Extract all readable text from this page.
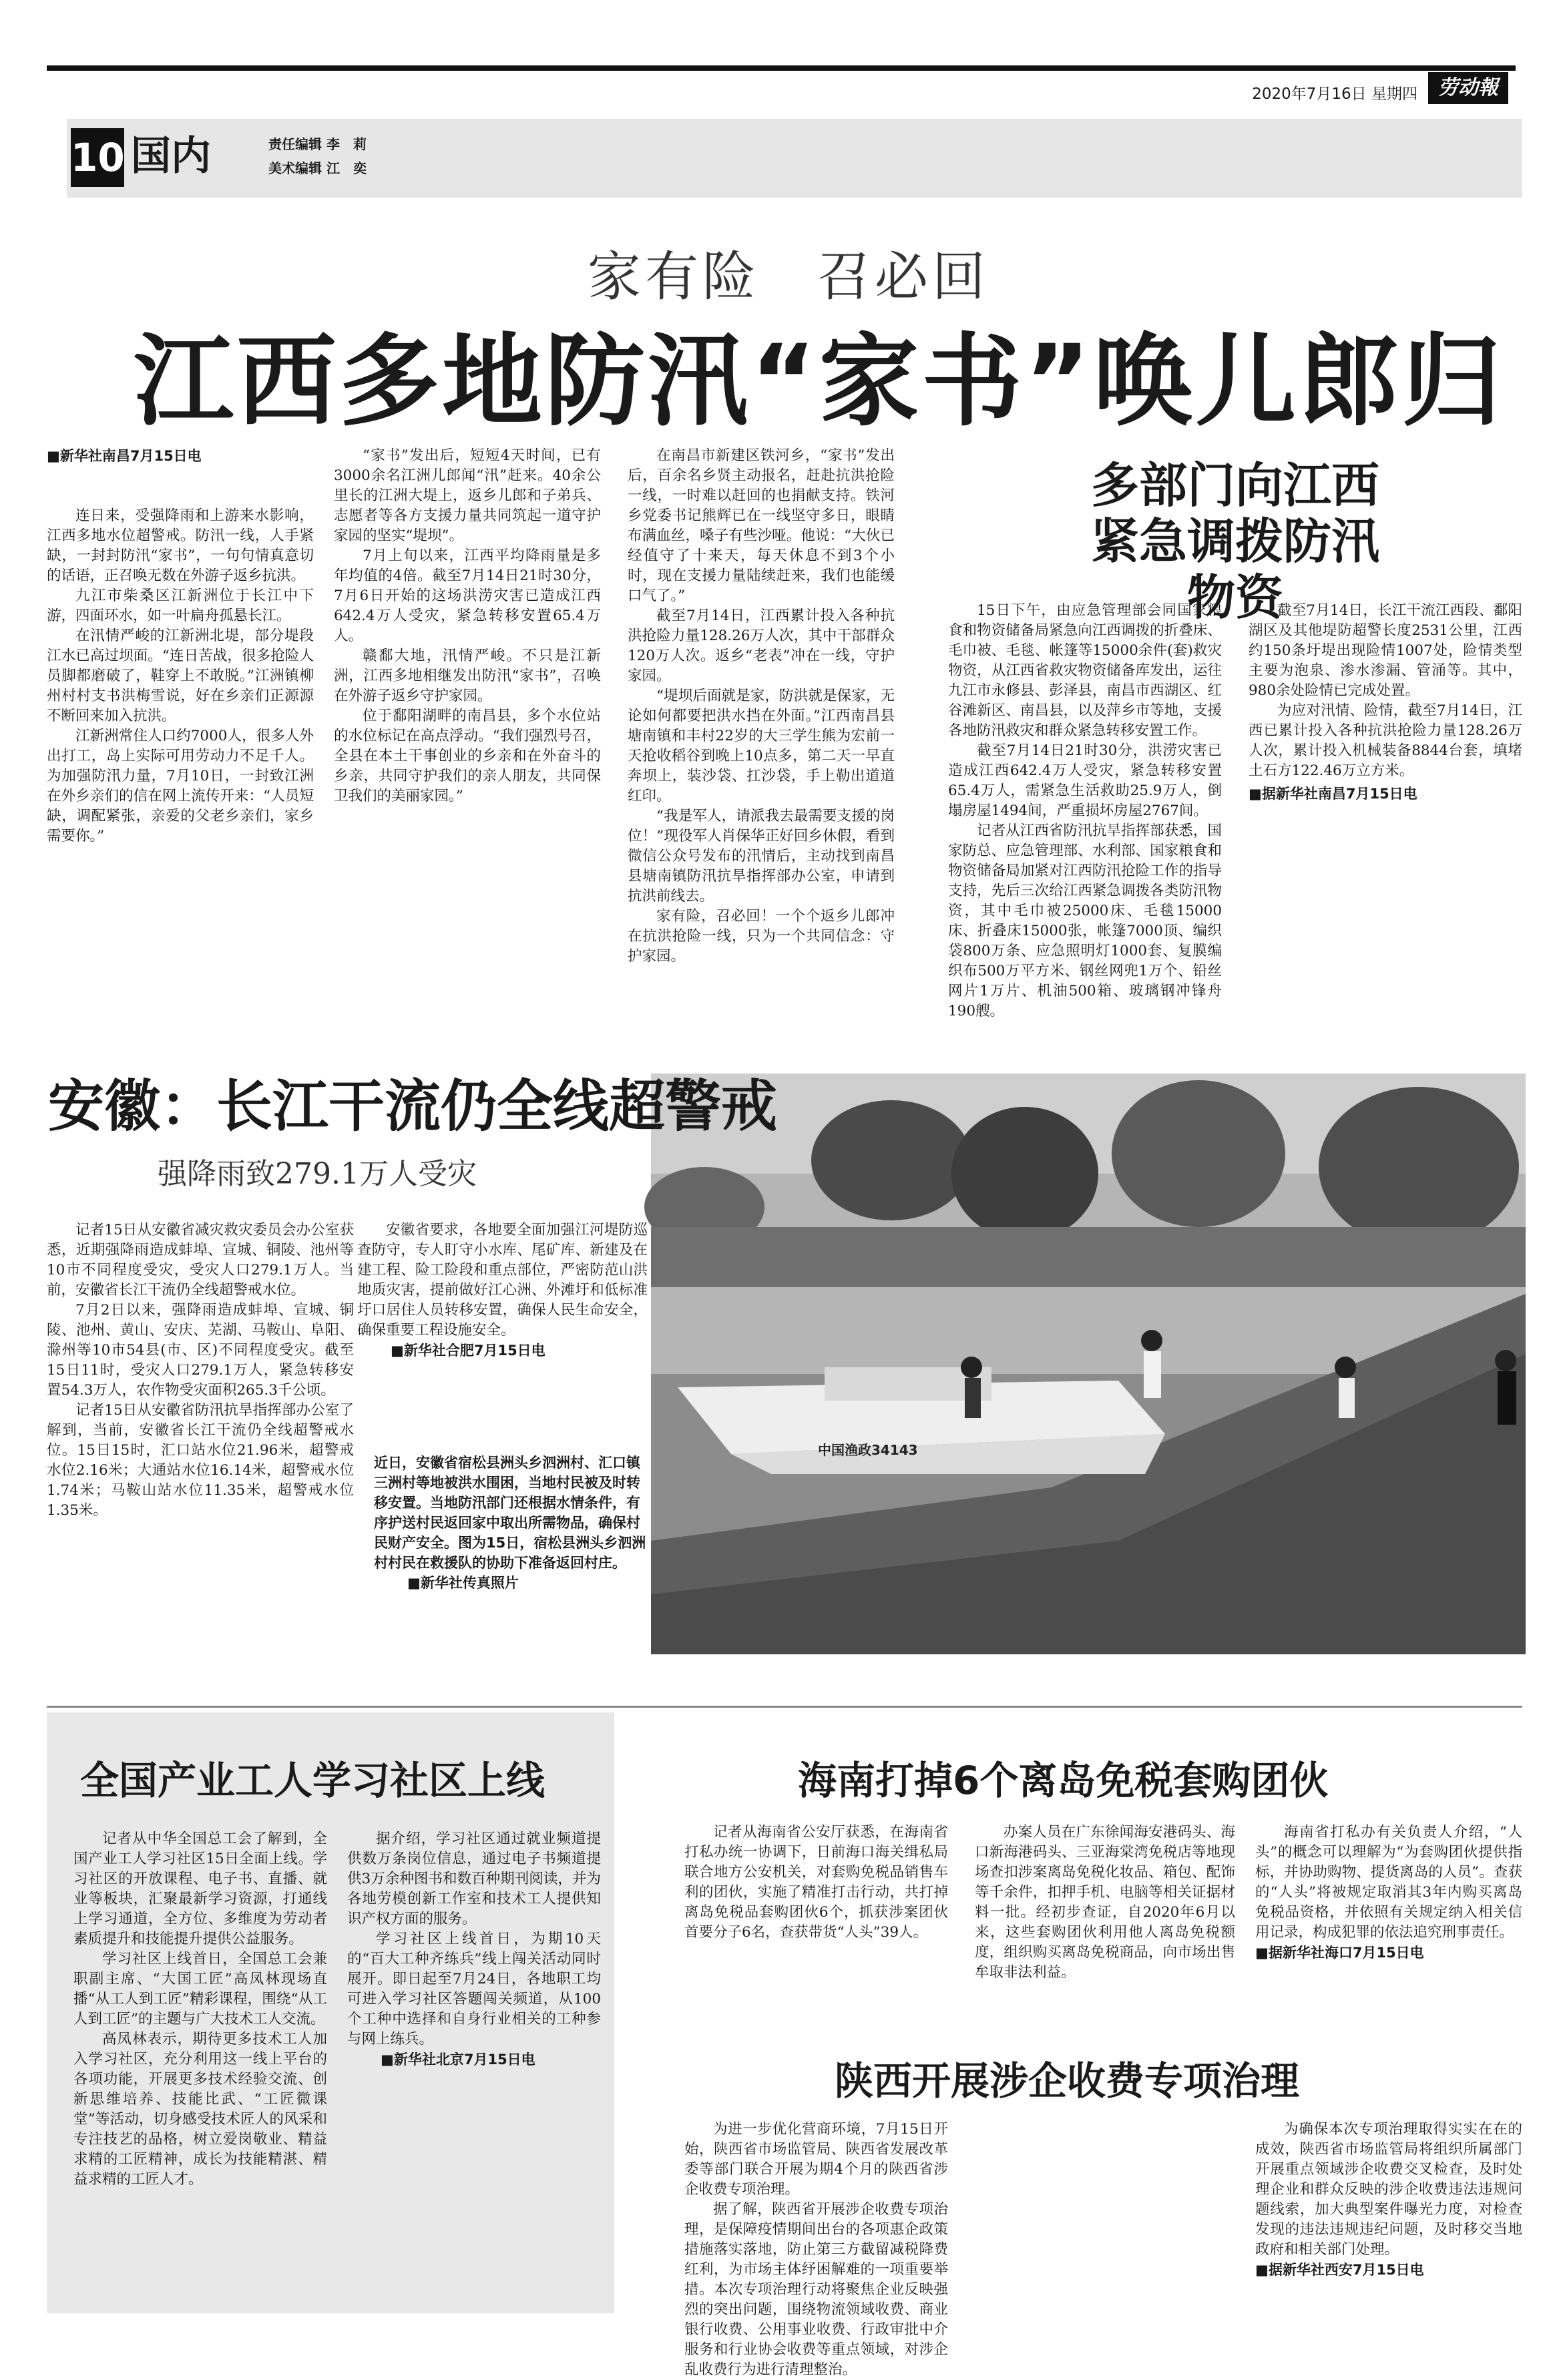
2020年7月16日 星期四	劳动報
10 国内	责任编辑 李　莉
美术编辑 江　奕
家有险　召必回
江西多地防汛“家书”唤儿郎归
■新华社南昌7月15日电

连日来，受强降雨和上游来水影响，江西多地水位超警戒。防汛一线，人手紧缺，一封封防汛“家书”，一句句情真意切的话语，正召唤无数在外游子返乡抗洪。

九江市柴桑区江新洲位于长江中下游，四面环水，如一叶扁舟孤悬长江。

在汛情严峻的江新洲北堤，部分堤段江水已高过坝面。“连日苦战，很多抢险人员脚都磨破了，鞋穿上不敢脱。”江洲镇柳州村村支书洪梅雪说，好在乡亲们正源源不断回来加入抗洪。

江新洲常住人口约7000人，很多人外出打工，岛上实际可用劳动力不足千人。为加强防汛力量，7月10日，一封致江洲在外乡亲们的信在网上流传开来：“人员短缺，调配紧张，亲爱的父老乡亲们，家乡需要你。”

“家书”发出后，短短4天时间，已有3000余名江洲儿郎闻“汛”赶来。40余公里长的江洲大堤上，返乡儿郎和子弟兵、志愿者等各方支援力量共同筑起一道守护家园的坚实“堤坝”。

7月上旬以来，江西平均降雨量是多年均值的4倍。截至7月14日21时30分，7月6日开始的这场洪涝灾害已造成江西642.4万人受灾，紧急转移安置65.4万人。

赣鄱大地，汛情严峻。不只是江新洲，江西多地相继发出防汛“家书”，召唤在外游子返乡守护家园。

位于鄱阳湖畔的南昌县，多个水位站的水位标记在高点浮动。“我们强烈号召，全县在本土干事创业的乡亲和在外奋斗的乡亲，共同守护我们的亲人朋友，共同保卫我们的美丽家园。”

在南昌市新建区铁河乡，“家书”发出后，百余名乡贤主动报名，赶赴抗洪抢险一线，一时难以赶回的也捐献支持。铁河乡党委书记熊辉已在一线坚守多日，眼睛布满血丝，嗓子有些沙哑。他说：“大伙已经值守了十来天，每天休息不到3个小时，现在支援力量陆续赶来，我们也能缓口气了。”

截至7月14日，江西累计投入各种抗洪抢险力量128.26万人次，其中干部群众120万人次。返乡“老表”冲在一线，守护家园。

“堤坝后面就是家，防洪就是保家，无论如何都要把洪水挡在外面。”江西南昌县塘南镇和丰村22岁的大三学生熊为宏前一天抢收稻谷到晚上10点多，第二天一早直奔坝上，装沙袋、扛沙袋，手上勒出道道红印。

“我是军人，请派我去最需要支援的岗位！”现役军人肖保华正好回乡休假，看到微信公众号发布的汛情后，主动找到南昌县塘南镇防汛抗旱指挥部办公室，申请到抗洪前线去。

家有险，召必回！一个个返乡儿郎冲在抗洪抢险一线，只为一个共同信念：守护家园。

多部门向江西
紧急调拨防汛物资

15日下午，由应急管理部会同国家粮食和物资储备局紧急向江西调拨的折叠床、毛巾被、毛毯、帐篷等15000余件(套)救灾物资，从江西省救灾物资储备库发出，运往九江市永修县、彭泽县，南昌市西湖区、红谷滩新区、南昌县，以及萍乡市等地，支援各地防汛救灾和群众紧急转移安置工作。

截至7月14日21时30分，洪涝灾害已造成江西642.4万人受灾，紧急转移安置65.4万人，需紧急生活救助25.9万人，倒塌房屋1494间，严重损坏房屋2767间。

记者从江西省防汛抗旱指挥部获悉，国家防总、应急管理部、水利部、国家粮食和物资储备局加紧对江西防汛抢险工作的指导支持，先后三次给江西紧急调拨各类防汛物资，其中毛巾被25000床、毛毯15000床、折叠床15000张，帐篷7000顶、编织袋800万条、应急照明灯1000套、复膜编织布500万平方米、钢丝网兜1万个、铅丝网片1万片、机油500箱、玻璃钢冲锋舟190艘。

截至7月14日，长江干流江西段、鄱阳湖区及其他堤防超警长度2531公里，江西约150条圩堤出现险情1007处，险情类型主要为泡泉、渗水渗漏、管涌等。其中，980余处险情已完成处置。

为应对汛情、险情，截至7月14日，江西已累计投入各种抗洪抢险力量128.26万人次，累计投入机械装备8844台套，填堵土石方122.46万立方米。

■据新华社南昌7月15日电
中国渔政34143
安徽：长江干流仍全线超警戒
强降雨致279.1万人受灾

记者15日从安徽省减灾救灾委员会办公室获悉，近期强降雨造成蚌埠、宣城、铜陵、池州等10市不同程度受灾，受灾人口279.1万人。当前，安徽省长江干流仍全线超警戒水位。

7月2日以来，强降雨造成蚌埠、宣城、铜陵、池州、黄山、安庆、芜湖、马鞍山、阜阳、滁州等10市54县(市、区)不同程度受灾。截至15日11时，受灾人口279.1万人，紧急转移安置54.3万人，农作物受灾面积265.3千公顷。

记者15日从安徽省防汛抗旱指挥部办公室了解到，当前，安徽省长江干流仍全线超警戒水位。15日15时，汇口站水位21.96米，超警戒水位2.16米；大通站水位16.14米，超警戒水位1.74米；马鞍山站水位11.35米，超警戒水位1.35米。

安徽省要求，各地要全面加强江河堤防巡查防守，专人盯守小水库、尾矿库、新建及在建工程、险工险段和重点部位，严密防范山洪地质灾害，提前做好江心洲、外滩圩和低标准圩口居住人员转移安置，确保人民生命安全，确保重要工程设施安全。

■新华社合肥7月15日电
近日，安徽省宿松县洲头乡泗洲村、汇口镇三洲村等地被洪水围困，当地村民被及时转移安置。当地防汛部门还根据水情条件，有序护送村民返回家中取出所需物品，确保村民财产安全。图为15日，宿松县洲头乡泗洲村村民在救援队的协助下准备返回村庄。
■新华社传真照片
全国产业工人学习社区上线

记者从中华全国总工会了解到，全国产业工人学习社区15日全面上线。学习社区的开放课程、电子书、直播、就业等板块，汇聚最新学习资源，打通线上学习通道，全方位、多维度为劳动者素质提升和技能提升提供公益服务。

学习社区上线首日，全国总工会兼职副主席、“大国工匠”高凤林现场直播“从工人到工匠”精彩课程，围绕“从工人到工匠”的主题与广大技术工人交流。

高凤林表示，期待更多技术工人加入学习社区，充分利用这一线上平台的各项功能，开展更多技术经验交流、创新思维培养、技能比武、“工匠微课堂”等活动，切身感受技术匠人的风采和专注技艺的品格，树立爱岗敬业、精益求精的工匠精神，成长为技能精湛、精益求精的工匠人才。

据介绍，学习社区通过就业频道提供数万条岗位信息，通过电子书频道提供3万余种图书和数百种期刊阅读，并为各地劳模创新工作室和技术工人提供知识产权方面的服务。

学习社区上线首日，为期10天的“百大工种齐练兵”线上闯关活动同时展开。即日起至7月24日，各地职工均可进入学习社区答题闯关频道，从100个工种中选择和自身行业相关的工种参与网上练兵。

■新华社北京7月15日电
海南打掉6个离岛免税套购团伙

记者从海南省公安厅获悉，在海南省打私办统一协调下，日前海口海关缉私局联合地方公安机关，对套购免税品销售车利的团伙，实施了精准打击行动，共打掉离岛免税品套购团伙6个，抓获涉案团伙首要分子6名，查获带货“人头”39人。

办案人员在广东徐闻海安港码头、海口新海港码头、三亚海棠湾免税店等地现场查扣涉案离岛免税化妆品、箱包、配饰等千余件，扣押手机、电脑等相关证据材料一批。经初步查证，自2020年6月以来，这些套购团伙利用他人离岛免税额度，组织购买离岛免税商品，向市场出售牟取非法利益。

海南省打私办有关负责人介绍，“人头”的概念可以理解为“为套购团伙提供指标，并协助购物、提货离岛的人员”。查获的“人头”将被规定取消其3年内购买离岛免税品资格，并依照有关规定纳入相关信用记录，构成犯罪的依法追究刑事责任。

■据新华社海口7月15日电
陕西开展涉企收费专项治理

为进一步优化营商环境，7月15日开始，陕西省市场监管局、陕西省发展改革委等部门联合开展为期4个月的陕西省涉企收费专项治理。

据了解，陕西省开展涉企收费专项治理，是保障疫情期间出台的各项惠企政策措施落实落地，防止第三方截留减税降费红利，为市场主体纾困解难的一项重要举措。本次专项治理行动将聚焦企业反映强烈的突出问题，围绕物流领域收费、商业银行收费、公用事业收费、行政审批中介服务和行业协会收费等重点领域，对涉企乱收费行为进行清理整治。

为确保本次专项治理取得实实在在的成效，陕西省市场监管局将组织所属部门开展重点领域涉企收费交叉检查，及时处理企业和群众反映的涉企收费违法违规问题线索，加大典型案件曝光力度，对检查发现的违法违规违纪问题，及时移交当地政府和相关部门处理。

■据新华社西安7月15日电
